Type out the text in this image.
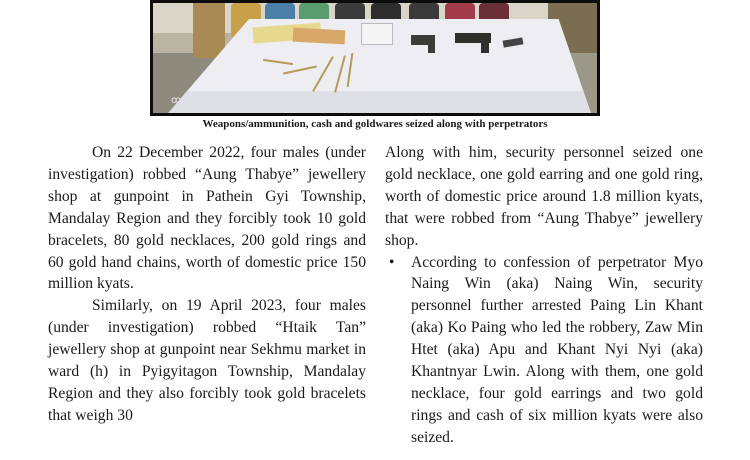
ꝏ
Weapons/ammunition, cash and goldwares seized along with perpetrators

On 22 December 2022, four males (under investigation) robbed “Aung Thabye” jewellery shop at gunpoint in Pathein Gyi Township, Mandalay Region and they forcibly took 10 gold bracelets, 80 gold necklaces, 200 gold rings and 60 gold hand chains, worth of domestic price 150 million kyats.

Similarly, on 19 April 2023, four males (under investigation) robbed “Htaik Tan” jewellery shop at gunpoint near Sekhmu market in ward (h) in Pyigyitagon Township, Mandalay Region and they also forcibly took gold bracelets that weigh 30

Along with him, security personnel seized one gold necklace, one gold earring and one gold ring, worth of domestic price around 1.8 million kyats, that were robbed from “Aung Thabye” jewellery shop.

• According to confession of perpetrator Myo Naing Win (aka) Naing Win, security personnel further arrested Paing Lin Khant (aka) Ko Paing who led the robbery, Zaw Min Htet (aka) Apu and Khant Nyi Nyi (aka) Khantnyar Lwin. Along with them, one gold necklace, four gold earrings and two gold rings and cash of six million kyats were also seized.
